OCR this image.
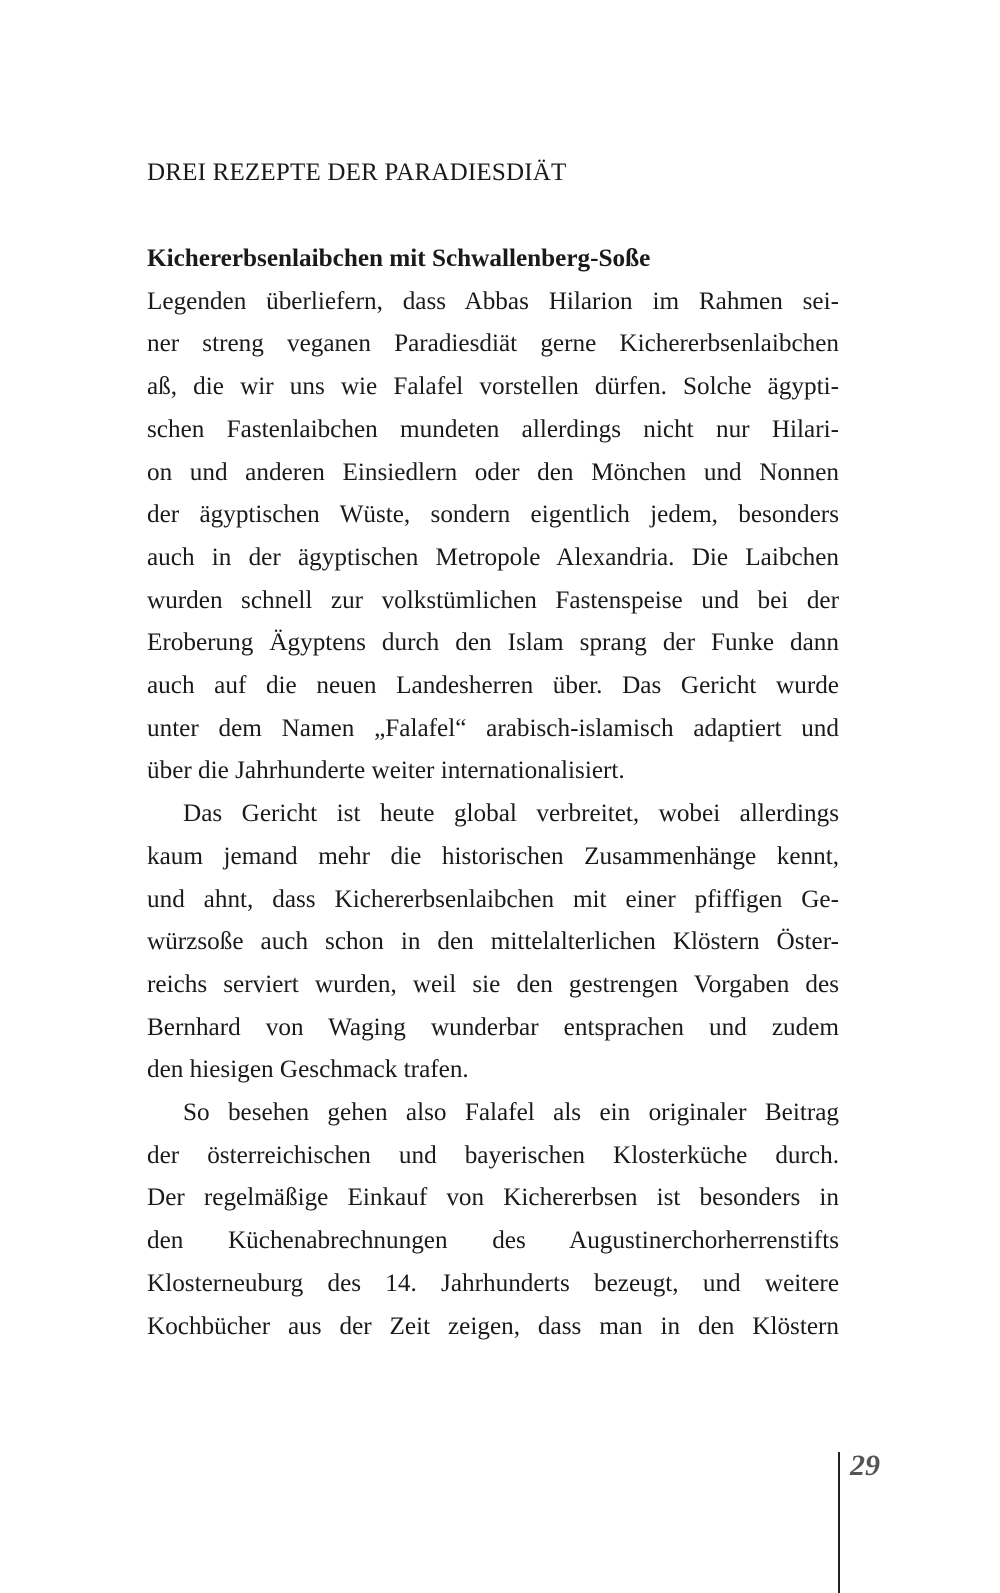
DREI REZEPTE DER PARADIESDIÄT
Kichererbsenlaibchen mit Schwallenberg-Soße
Legenden überliefern, dass Abbas Hilarion im Rahmen sei-
ner streng veganen Paradiesdiät gerne Kichererbsenlaibchen
aß, die wir uns wie Falafel vorstellen dürfen. Solche ägypti-
schen Fastenlaibchen mundeten allerdings nicht nur Hilari-
on und anderen Einsiedlern oder den Mönchen und Nonnen
der ägyptischen Wüste, sondern eigentlich jedem, besonders
auch in der ägyptischen Metropole Alexandria. Die Laibchen
wurden schnell zur volkstümlichen Fastenspeise und bei der
Eroberung Ägyptens durch den Islam sprang der Funke dann
auch auf die neuen Landesherren über. Das Gericht wurde
unter dem Namen „Falafel“ arabisch-islamisch adaptiert und
über die Jahrhunderte weiter internationalisiert.
Das Gericht ist heute global verbreitet, wobei allerdings
kaum jemand mehr die historischen Zusammenhänge kennt,
und ahnt, dass Kichererbsenlaibchen mit einer pfiffigen Ge-
würzsoße auch schon in den mittelalterlichen Klöstern Öster-
reichs serviert wurden, weil sie den gestrengen Vorgaben des
Bernhard von Waging wunderbar entsprachen und zudem
den hiesigen Geschmack trafen.
So besehen gehen also Falafel als ein originaler Beitrag
der österreichischen und bayerischen Klosterküche durch.
Der regelmäßige Einkauf von Kichererbsen ist besonders in
den Küchenabrechnungen des Augustinerchorherrenstifts
Klosterneuburg des 14. Jahrhunderts bezeugt, und weitere
Kochbücher aus der Zeit zeigen, dass man in den Klöstern
29
